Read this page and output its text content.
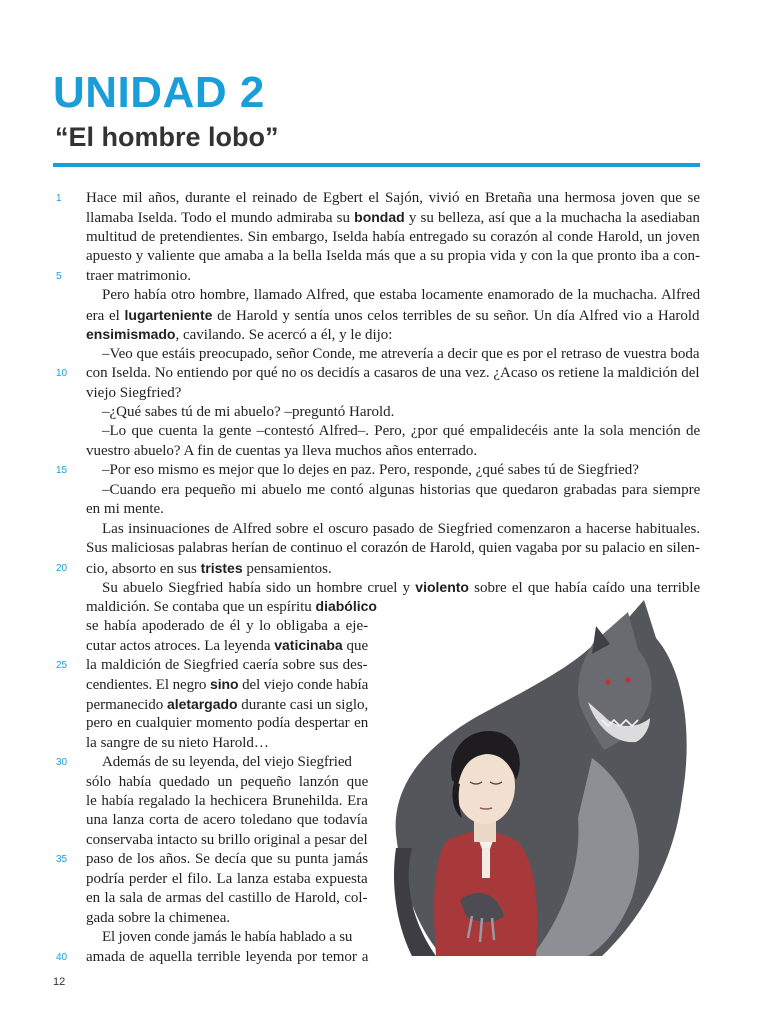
UNIDAD 2
“El hombre lobo”
Hace mil años, durante el reinado de Egbert el Sajón, vivió en Bretaña una hermosa joven que se
llamaba Iselda. Todo el mundo admiraba su bondad y su belleza, así que a la muchacha la asediaban
multitud de pretendientes. Sin embargo, Iselda había entregado su corazón al conde Harold, un joven
apuesto y valiente que amaba a la bella Iselda más que a su propia vida y con la que pronto iba a con-
traer matrimonio.
Pero había otro hombre, llamado Alfred, que estaba locamente enamorado de la muchacha. Alfred
era el lugarteniente de Harold y sentía unos celos terribles de su señor. Un día Alfred vio a Harold
ensimismado, cavilando. Se acercó a él, y le dijo:
–Veo que estáis preocupado, señor Conde, me atrevería a decir que es por el retraso de vuestra boda
con Iselda. No entiendo por qué no os decidís a casaros de una vez. ¿Acaso os retiene la maldición del
viejo Siegfried?
–¿Qué sabes tú de mi abuelo? –preguntó Harold.
–Lo que cuenta la gente –contestó Alfred–. Pero, ¿por qué empalidecéis ante la sola mención de
vuestro abuelo? A fin de cuentas ya lleva muchos años enterrado.
–Por eso mismo es mejor que lo dejes en paz. Pero, responde, ¿qué sabes tú de Siegfried?
–Cuando era pequeño mi abuelo me contó algunas historias que quedaron grabadas para siempre
en mi mente.
Las insinuaciones de Alfred sobre el oscuro pasado de Siegfried comenzaron a hacerse habituales.
Sus maliciosas palabras herían de continuo el corazón de Harold, quien vagaba por su palacio en silen-
cio, absorto en sus tristes pensamientos.
Su abuelo Siegfried había sido un hombre cruel y violento sobre el que había caído una terrible
maldición. Se contaba que un espíritu diabólico
se había apoderado de él y lo obligaba a eje-
cutar actos atroces. La leyenda vaticinaba que
la maldición de Siegfried caería sobre sus des-
cendientes. El negro sino del viejo conde había
permanecido aletargado durante casi un siglo,
pero en cualquier momento podía despertar en
la sangre de su nieto Harold…
Además de su leyenda, del viejo Siegfried
sólo había quedado un pequeño lanzón que
le había regalado la hechicera Brunehilda. Era
una lanza corta de acero toledano que todavía
conservaba intacto su brillo original a pesar del
paso de los años. Se decía que su punta jamás
podría perder el filo. La lanza estaba expuesta
en la sala de armas del castillo de Harold, col-
gada sobre la chimenea.
El joven conde jamás le había hablado a su
amada de aquella terrible leyenda por temor a
1
5
10
15
20
25
30
35
40
12
